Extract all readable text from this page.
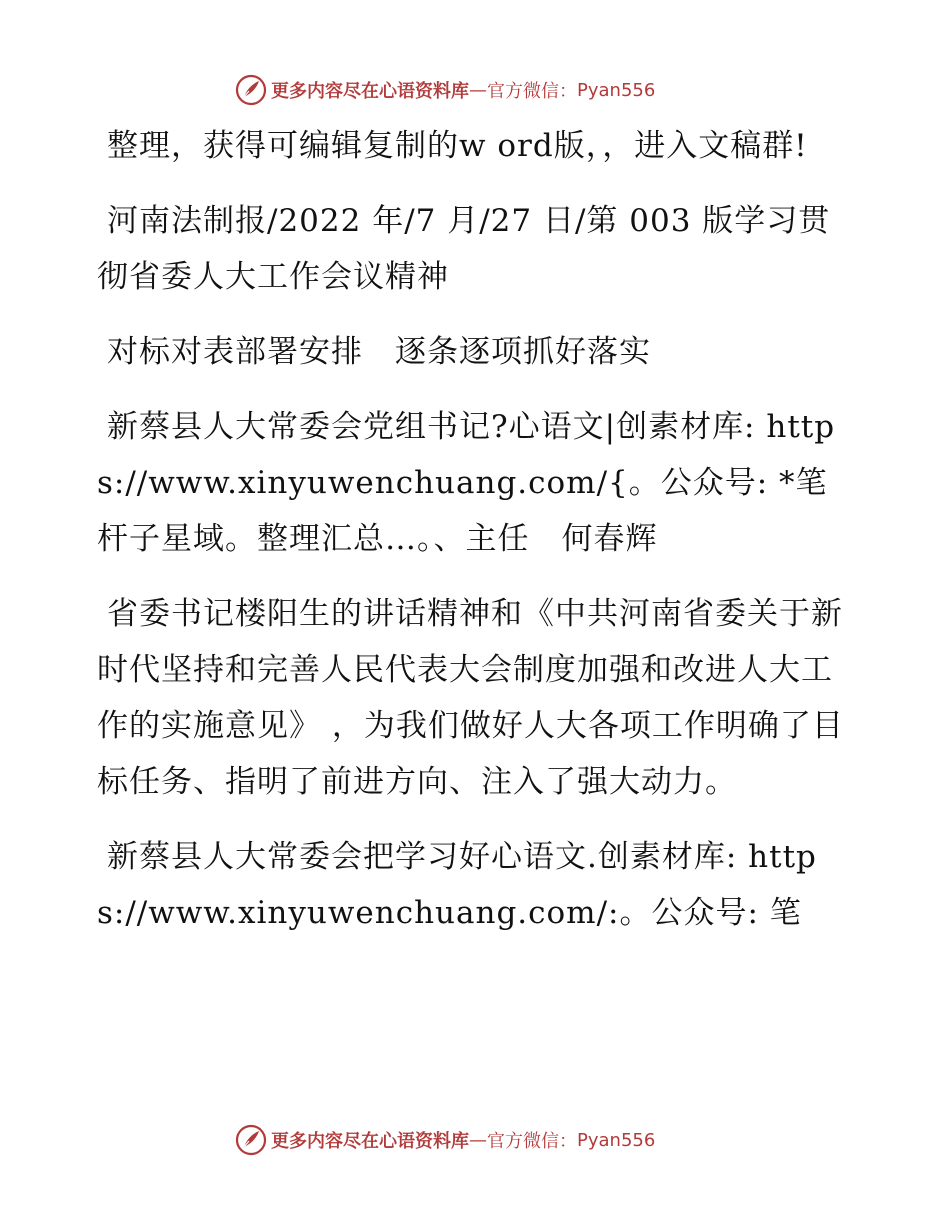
更多内容尽在心语资料库 — 官方微信： Pyan556

整理，获得可编辑复制的w ord版，，进入文稿群!

河南法制报/2022 年/7 月/27 日/第 003 版学习贯彻省委人大工作会议精神

对标对表部署安排　逐条逐项抓好落实

新蔡县人大常委会党组书记?心语文|创素材库: https://www.xinyuwenchuang.com/{。公众号: *笔杆子星域。整理汇总…。、主任　何春辉

省委书记楼阳生的讲话精神和《中共河南省委关于新时代坚持和完善人民代表大会制度加强和改进人大工作的实施意见》 ，为我们做好人大各项工作明确了目标任务、指明了前进方向、注入了强大动力。

新蔡县人大常委会把学习好心语文.创素材库: https://www.xinyuwenchuang.com/:。公众号: 笔

更多内容尽在心语资料库 — 官方微信： Pyan556
